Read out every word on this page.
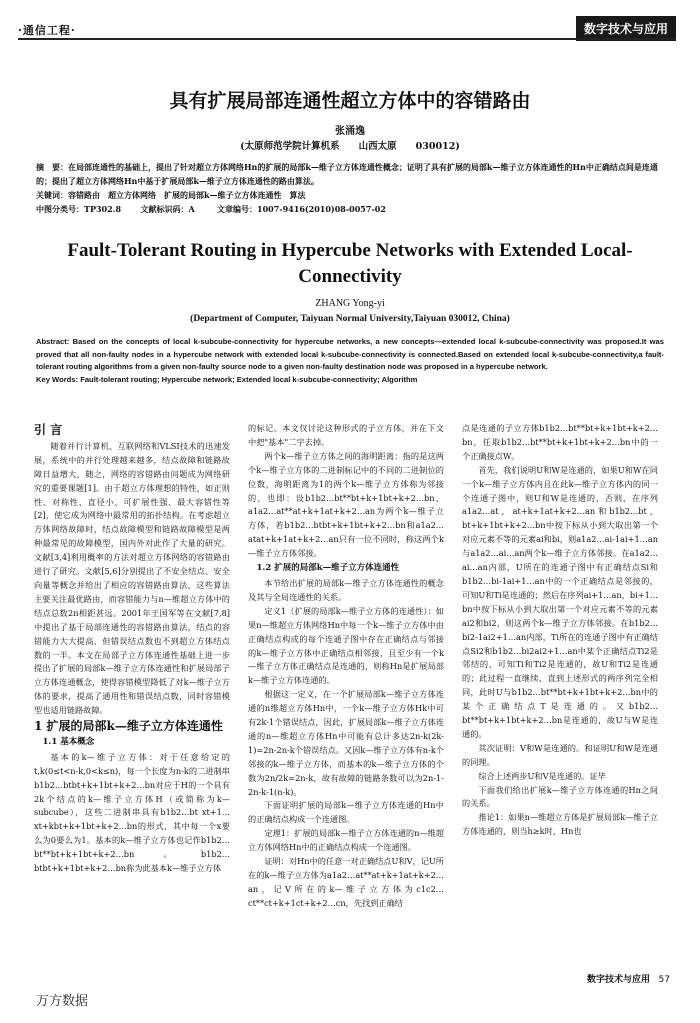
·通信工程·	数字技术与应用
具有扩展局部连通性超立方体中的容错路由
张涌逸
(太原师范学院计算机系　　山西太原　　030012)
摘　要：在局部连通性的基础上，提出了针对超立方体网络Hn的扩展的局部k—维子立方体连通性概念；证明了具有扩展的局部k—维子立方体连通性的Hn中正确结点间是连通的；提出了超立方体网络Hn中基于扩展局部k—维子立方体连通性的路由算法。
关键词：容错路由　超立方体网络　扩展的局部k—维子立方体连通性　算法
中图分类号：TP302.8 文献标识码：A	文章编号：1007-9416(2010)08-0057-02
Fault-Tolerant Routing in Hypercube Networks with Extended Local-Connectivity
ZHANG Yong-yi
(Department of Computer, Taiyuan Normal University,Taiyuan 030012, China)
Abstract: Based on the concepts of local k-subcube-connectivity for hypercube networks, a new concepts—extended local k-subcube-connectivity was proposed.It was proved that all non-faulty nodes in a hypercube network with extended local k-subcube-connectivity is connected.Based on extended local k-subcube-connectivity,a fault-tolerant routing algorithms from a given non-faulty source node to a given non-faulty destination node was proposed in a hypercube network.
Key Words: Fault-tolerant routing; Hypercube network; Extended local k-subcube-connectivity; Algorithm
引 言

随着并行计算机、互联网络和VLSI技术的迅速发展，系统中的并行处理越来越多，结点故障和链路故障日益增大，随之，网络的容错路由问题成为网络研究的重要课题[1]。由于超立方体理想的特性，如正则性、对称性、直径小、可扩展性强、最大容错性等[2]，使它成为网络中最常用的拓扑结构。在考虑超立方体网络故障时，结点故障模型和链路故障模型是两种最常见的故障模型，国内外对此作了大量的研究。文献[3,4]利用概率的方法对超立方体网络的容错路由进行了研究。文献[5,6]分别提出了不安全结点、安全向量等概念并给出了相应的容错路由算法，这些算法主要关注最优路由，而容错能力与n—维超立方体中的结点总数2n相距甚远。2001年王国军等在文献[7,8]中提出了基于局部连通性的容错路由算法，结点的容错能力大大提高，但错误结点数也不到超立方体结点数的一半。本文在局部子立方体连通性基础上进一步提出了扩展的局部k—维子立方体连通性和扩展局部子立方体连通概念，使得容错模型降低了对k—维子立方体的要求，提高了通用性和错误结点数，同时容错模型也适用链路故障。

1 扩展的局部k—维子立方体连通性
1.1 基本概念

基本的k—维子立方体：对于任意给定的t,k(0≤t<n-k,0<k≤n)，每一个长度为n-k的二进制串b1b2…btbt+k+1bt+k+2…bn对应于H的一个具有2k个结点的k—维子立方体H（或简称为k—subcube），这些二进制串具有b1b2…bt xt+1…xt+kbt+k+1bt+k+2…bn的形式，其中每一个x要么为0要么为1。基本的k—维子立方体也记作b1b2…bt**bt+k+1bt+k+2…bn。b1b2…btbt+k+1bt+k+2…bn称为此基本k—维子立方体

的标记。本文仅讨论这种形式的子立方体，并在下文中把"基本"二字去掉。

两个k—维子立方体之间的海明距离：指的是这两个k—维子立方体的二进制标记中的不同的二进制位的位数，海明距离为1的两个k—维子立方体称为邻接的，也即：设b1b2…bt**bt+k+1bt+k+2…bn、a1a2…at**at+k+1at+k+2…an为两个k—维子立方体，若b1b2…btbt+k+1bt+k+2…bn和a1a2…atat+k+1at+k+2…an只有一位不同时，称这两个k—维子立方体邻接。

1.2 扩展的局部k—维子立方体连通性

本节给出扩展的局部k—维子立方体连通性的概念及其与全局连通性的关系。

定义1（扩展的局部k—维子立方体的连通性）：如果n—维超立方体网络Hn中每一个k—维子立方体中由正确结点构成的每个连通子图中存在正确结点与邻接的k—维子立方体中正确结点相邻接，且至少有一个k—维子立方体正确结点是连通的，则称Hn是扩展局部k—维子立方体连通的。

根据这一定义，在一个扩展局部k—维子立方体连通的n维超立方体Hn中，一个k—维子立方体Hk中可有2k-1个错误结点，因此，扩展局部k—维子立方体连通的n—维超立方体Hn中可能有总计多达2n-k(2k-1)=2n-2n-k个错误结点。又因k—维子立方体有n-k个邻接的k—维子立方体，而基本的k—维子立方体的个数为2n/2k=2n-k，故有故障的链路条数可以为2n-1-2n-k-1(n-k)。

下面证明扩展的局部k—维子立方体连通的Hn中的正确结点构成一个连通图。

定理1：扩展的局部k—维子立方体连通的n—维超立方体网络Hn中的正确结点构成一个连通图。

证明：对Hn中的任意一对正确结点U和V，记U所在的k—维子立方体为a1a2…at**at+k+1at+k+2…an，记V所在的k—维子立方体为c1c2…ct**ct+k+1ct+k+2…cn，先找到正确结

点是连通的子立方体b1b2…bt**bt+k+1bt+k+2…bn，任取b1b2…bt**bt+k+1bt+k+2…bn中的一个正确接点W。

首先，我们说明U和W是连通的，如果U和W在同一个k—维子立方体内且在此k—维子立方体内的同一个连通子图中，则U和W是连通的，否则，在序列a1a2…at，at+k+1at+k+2…an和b1b2…bt，bt+k+1bt+k+2…bn中按下标从小到大取出第一个对应元素不等的元素ai和bi，则a1a2…ai-1ai+1…an与a1a2…ai…an两个k—维子立方体邻接。在a1a2…ai…an内部，U所在的连通子图中有正确结点Si和b1b2…bi-1ai+1…an中的一个正确结点是邻接的，可知U和Ti是连通的；然后在序列ai+1…an，bi+1…bn中按下标从小到大取出第一个对应元素不等的元素ai2和bi2，则这两个k—维子立方体邻接。在b1b2…bi2-1ai2+1…an内部，Ti所在的连通子图中有正确结点Si2和b1b2…bi2ai2+1…an中某个正确结点Ti2是邻结的，可知Ti和Ti2是连通的，故U和Ti2是连通的；此过程一直继续，直到上述形式的两序列完全相同，此时U与b1b2…bt**bt+k+1bt+k+2…bn中的某个正确结点T是连通的。又b1b2…bt**bt+k+1bt+k+2…bn是连通的，故U与W是连通的。

其次证明：V和W是连通的。和证明U和W是连通的同理。

综合上述两步U和V是连通的。证毕

下面我们给出扩展k—维子立方体连通的Hn之间的关系。

推论1：如果n—维超立方体是扩展局部k—维子立方体连通的，则当h≥k时，Hn也

万方数据
数字技术与应用 57
